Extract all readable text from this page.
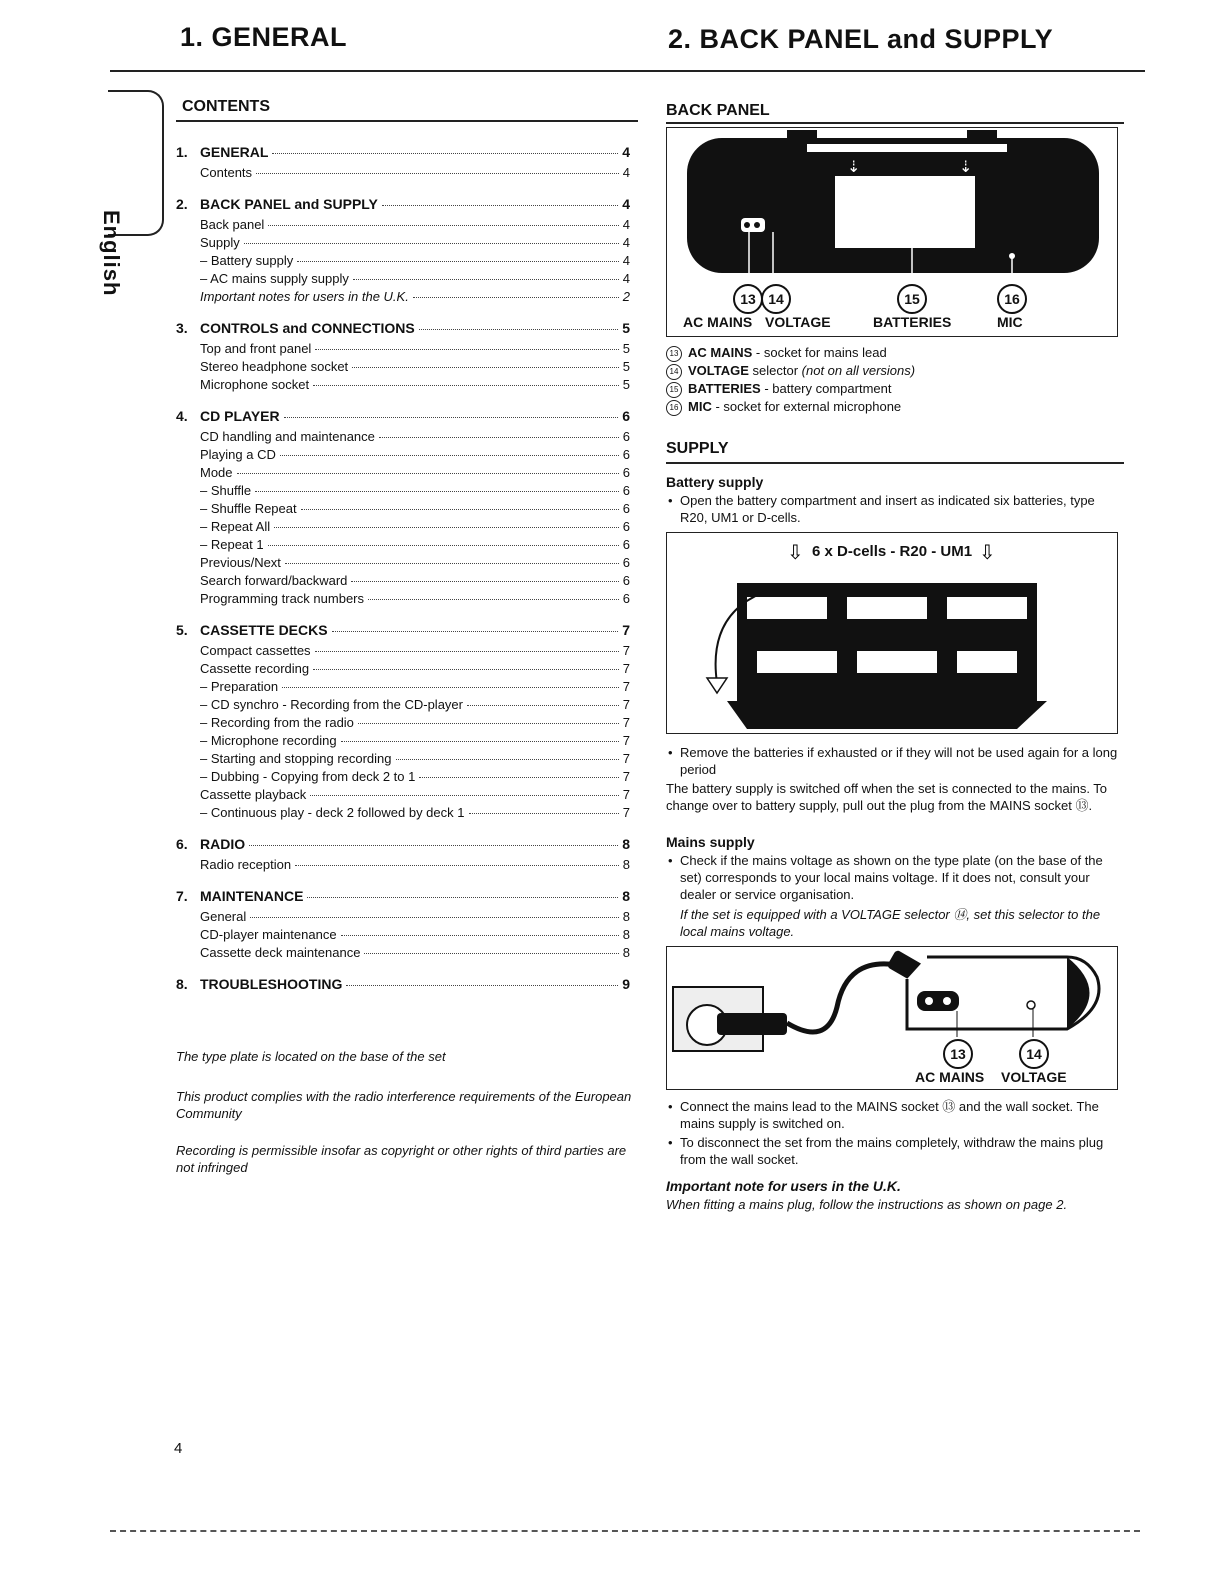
1. GENERAL	2. BACK PANEL and SUPPLY
English
CONTENTS
1. GENERAL	4
Contents	4
2. BACK PANEL and SUPPLY	4
Back panel	4
Supply	4
– Battery supply	4
– AC mains supply supply	4
Important notes for users in the U.K.	2
3. CONTROLS and CONNECTIONS	5
Top and front panel	5
Stereo headphone socket	5
Microphone socket	5
4. CD PLAYER	6
CD handling and maintenance	6
Playing a CD	6
Mode	6
– Shuffle	6
– Shuffle Repeat	6
– Repeat All	6
– Repeat 1	6
Previous/Next	6
Search forward/backward	6
Programming track numbers	6
5. CASSETTE DECKS	7
Compact cassettes	7
Cassette recording	7
– Preparation	7
– CD synchro - Recording from the CD-player	7
– Recording from the radio	7
– Microphone recording	7
– Starting and stopping recording	7
– Dubbing - Copying from deck 2 to 1	7
Cassette playback	7
– Continuous play - deck 2 followed by deck 1	7
6. RADIO	8
Radio reception	8
7. MAINTENANCE	8
General	8
CD-player maintenance	8
Cassette deck maintenance	8
8. TROUBLESHOOTING	9
The type plate is located on the base of the set
This product complies with the radio interference requirements of the European Community
Recording is permissible insofar as copyright or other rights of third parties are not infringed
4
BACK PANEL
⇣	⇣
13 14	15	16
AC MAINS VOLTAGE	BATTERIES	MIC
13 AC MAINS - socket for mains lead
14 VOLTAGE selector (not on all versions)
15 BATTERIES - battery compartment
16 MIC - socket for external microphone
SUPPLY
Battery supply
• Open the battery compartment and insert as indicated six batteries, type R20, UM1 or D-cells.
6 x D-cells - R20 - UM1
⇩	⇩
• Remove the batteries if exhausted or if they will not be used again for a long period
The battery supply is switched off when the set is connected to the mains. To change over to battery supply, pull out the plug from the MAINS socket ⑬.
Mains supply
• Check if the mains voltage as shown on the type plate (on the base of the set) corresponds to your local mains voltage. If it does not, consult your dealer or service organisation.
If the set is equipped with a VOLTAGE selector ⑭, set this selector to the local mains voltage.
13	14
AC MAINS VOLTAGE
• Connect the mains lead to the MAINS socket ⑬ and the wall socket. The mains supply is switched on.
• To disconnect the set from the mains completely, withdraw the mains plug from the wall socket.
Important note for users in the U.K.
When fitting a mains plug, follow the instructions as shown on page 2.
